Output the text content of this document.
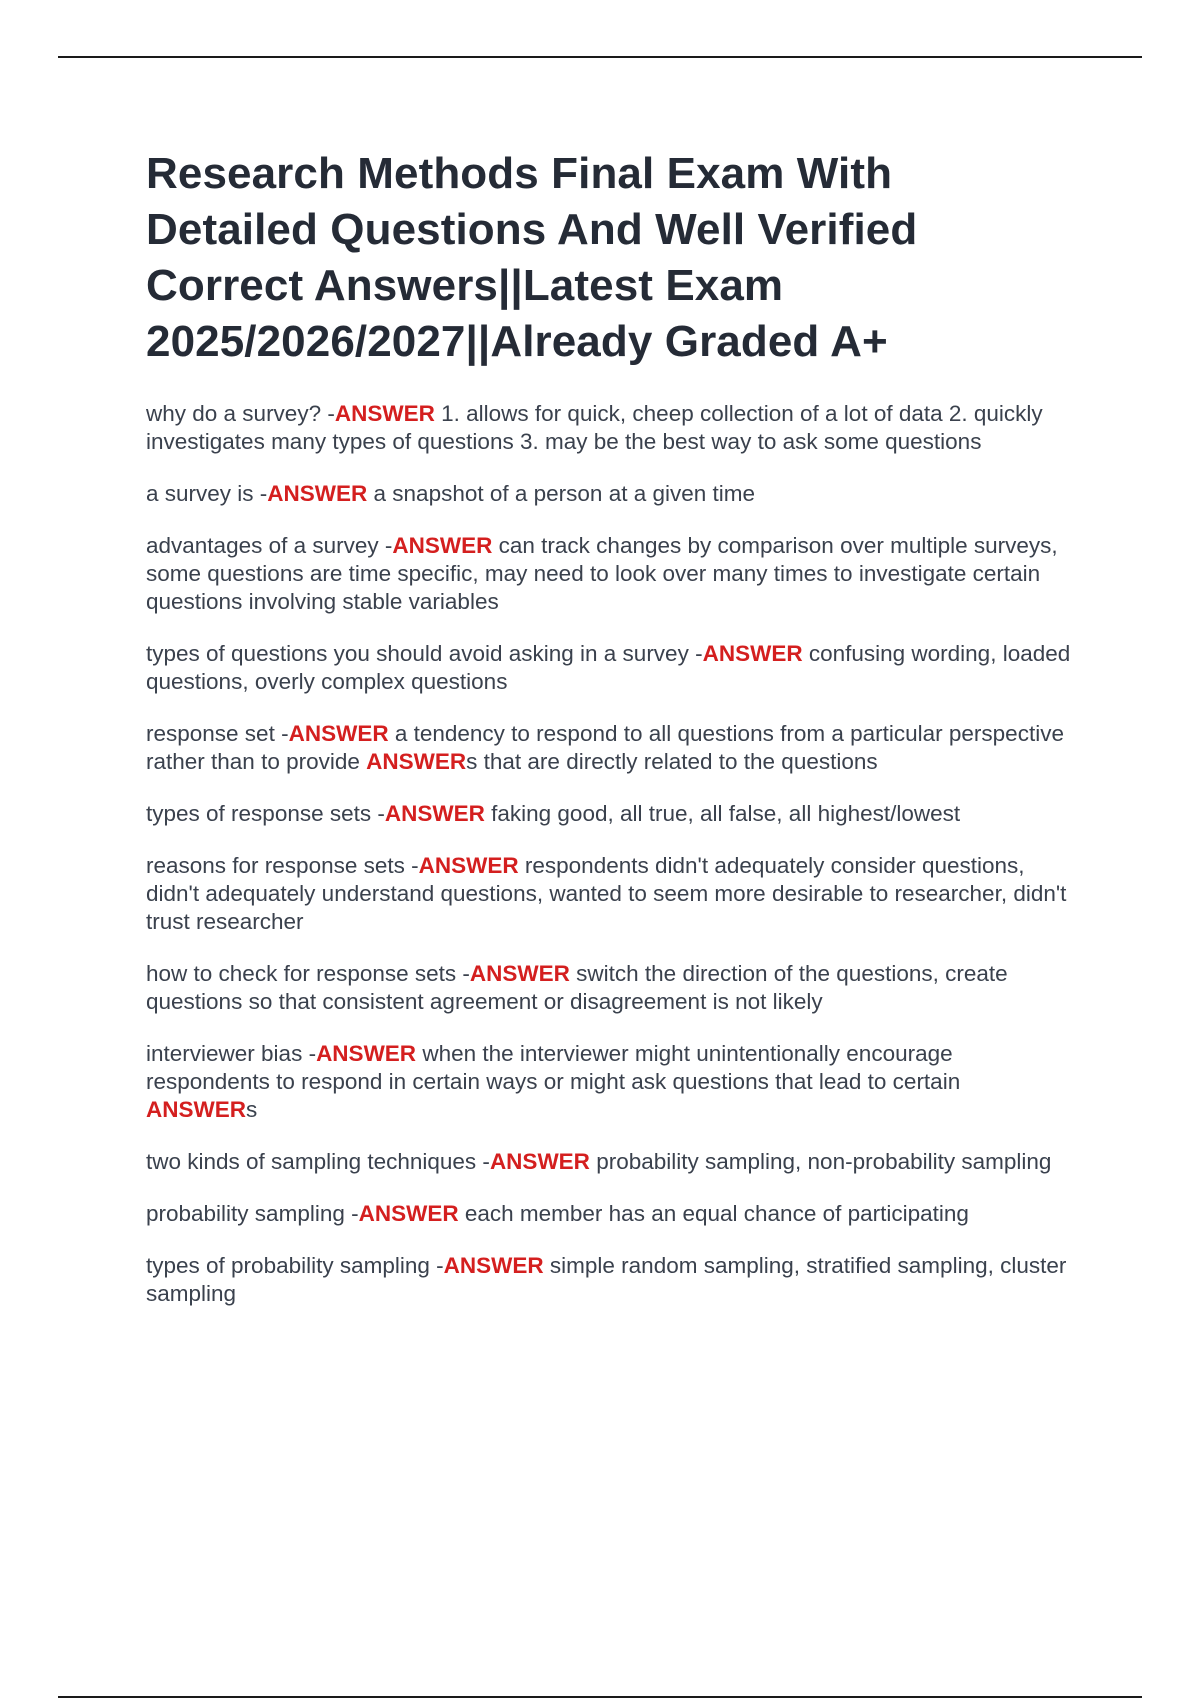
Research Methods Final Exam With Detailed Questions And Well Verified Correct Answers||Latest Exam 2025/2026/2027||Already Graded A+

why do a survey? -ANSWER 1. allows for quick, cheep collection of a lot of data 2. quickly investigates many types of questions 3. may be the best way to ask some questions

a survey is -ANSWER a snapshot of a person at a given time

advantages of a survey -ANSWER can track changes by comparison over multiple surveys, some questions are time specific, may need to look over many times to investigate certain questions involving stable variables

types of questions you should avoid asking in a survey -ANSWER confusing wording, loaded questions, overly complex questions

response set -ANSWER a tendency to respond to all questions from a particular perspective rather than to provide ANSWERs that are directly related to the questions

types of response sets -ANSWER faking good, all true, all false, all highest/lowest

reasons for response sets -ANSWER respondents didn't adequately consider questions, didn't adequately understand questions, wanted to seem more desirable to researcher, didn't trust researcher

how to check for response sets -ANSWER switch the direction of the questions, create questions so that consistent agreement or disagreement is not likely

interviewer bias -ANSWER when the interviewer might unintentionally encourage respondents to respond in certain ways or might ask questions that lead to certain ANSWERs

two kinds of sampling techniques -ANSWER probability sampling, non-probability sampling

probability sampling -ANSWER each member has an equal chance of participating

types of probability sampling -ANSWER simple random sampling, stratified sampling, cluster sampling
